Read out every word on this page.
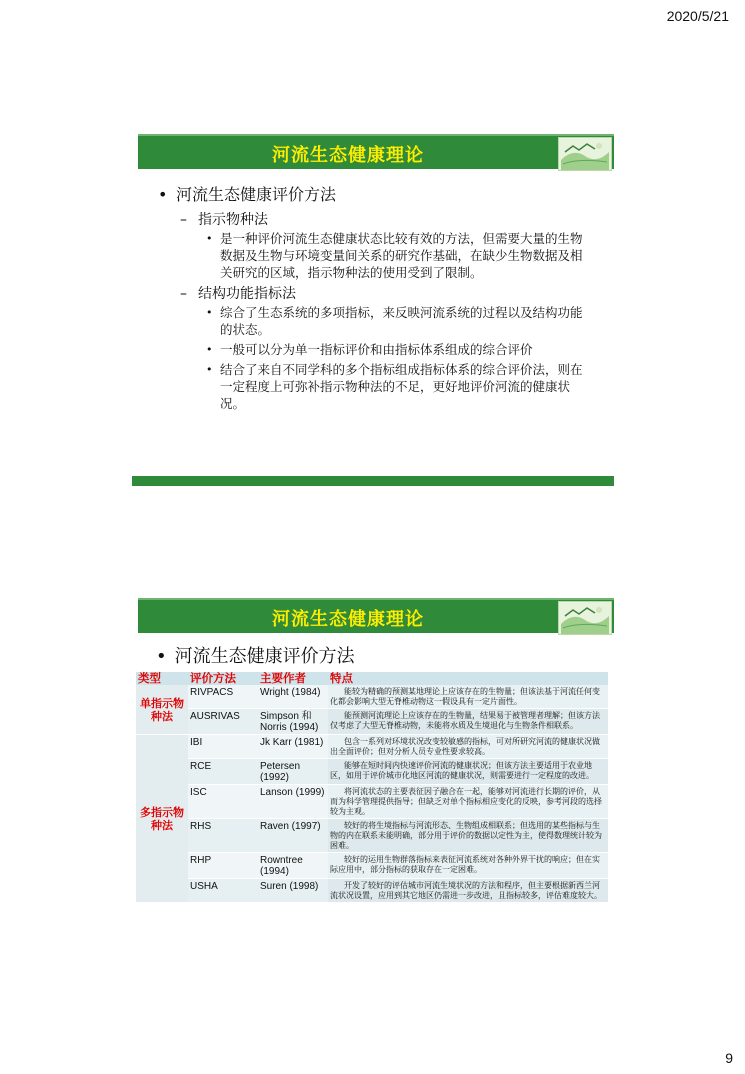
2020/5/21
河流生态健康理论
• 河流生态健康评价方法
– 指示物种法
• 是一种评价河流生态健康状态比较有效的方法，但需要大量的生物数据及生物与环境变量间关系的研究作基础，在缺少生物数据及相关研究的区域，指示物种法的使用受到了限制。
– 结构功能指标法
• 综合了生态系统的多项指标，来反映河流系统的过程以及结构功能的状态。
• 一般可以分为单一指标评价和由指标体系组成的综合评价
• 结合了来自不同学科的多个指标组成指标体系的综合评价法，则在一定程度上可弥补指示物种法的不足，更好地评价河流的健康状况。
河流生态健康理论
• 河流生态健康评价方法
类型	评价方法	主要作者	特点
单指示物种法	RIVPACS	Wright (1984)	能较为精确的预测某地理论上应该存在的生物量；但该法基于河流任何变化都会影响大型无脊椎动物这一假设具有一定片面性。
	AUSRIVAS	Simpson 和Norris (1994)	能预测河流理论上应该存在的生物量，结果易于被管理者理解；但该方法仅考虑了大型无脊椎动物，未能将水质及生境退化与生物条件相联系。
多指示物种法	IBI	Jk Karr (1981)	包含一系列对环境状况改变较敏感的指标，可对所研究河流的健康状况做出全面评价；但对分析人员专业性要求较高。
	RCE	Petersen (1992)	能够在短时间内快速评价河流的健康状况；但该方法主要适用于农业地区，如用于评价城市化地区河流的健康状况，则需要进行一定程度的改进。
	ISC	Lanson (1999)	将河流状态的主要表征因子融合在一起，能够对河流进行长期的评价，从而为科学管理提供指导；但缺乏对单个指标相应变化的反映，参考河段的选择较为主观。
	RHS	Raven (1997)	较好的将生境指标与河流形态、生物组成相联系；但选用的某些指标与生物的内在联系未能明确，部分用于评价的数据以定性为主，使得数理统计较为困难。
	RHP	Rowntree (1994)	较好的运用生物群落指标来表征河流系统对各种外界干扰的响应；但在实际应用中，部分指标的获取存在一定困难。
	USHA	Suren (1998)	开发了较好的评估城市河流生境状况的方法和程序，但主要根据新西兰河流状况设置，应用到其它地区仍需进一步改进，且指标较多，评估难度较大。
9
